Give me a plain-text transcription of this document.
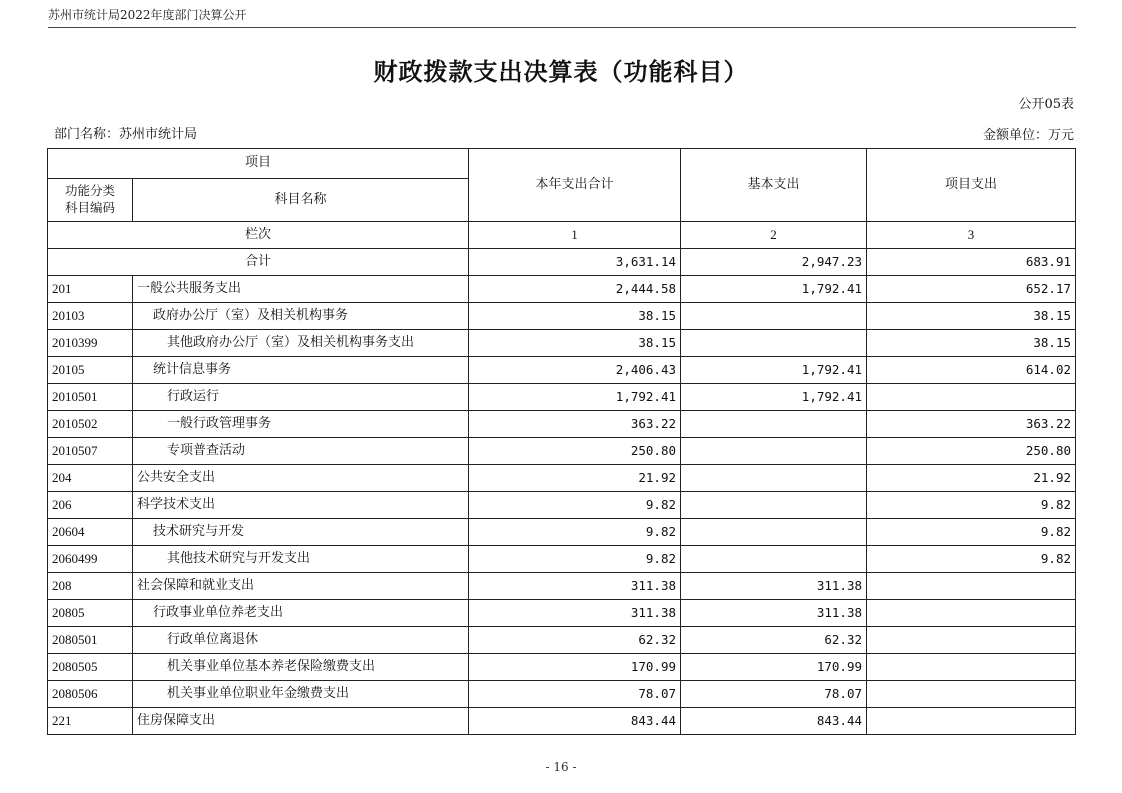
苏州市统计局2022年度部门决算公开
财政拨款支出决算表（功能科目）
公开05表
部门名称：苏州市统计局	金额单位：万元
项目		本年支出合计	基本支出	项目支出
功能分类
科目编码	科目名称			
栏次		1	2	3
合计		3,631.14	2,947.23	683.91
201	一般公共服务支出	2,444.58	1,792.41	652.17
20103	政府办公厅（室）及相关机构事务	38.15		38.15
2010399	其他政府办公厅（室）及相关机构事务支出	38.15		38.15
20105	统计信息事务	2,406.43	1,792.41	614.02
2010501	行政运行	1,792.41	1,792.41	
2010502	一般行政管理事务	363.22		363.22
2010507	专项普查活动	250.80		250.80
204	公共安全支出	21.92		21.92
206	科学技术支出	9.82		9.82
20604	技术研究与开发	9.82		9.82
2060499	其他技术研究与开发支出	9.82		9.82
208	社会保障和就业支出	311.38	311.38	
20805	行政事业单位养老支出	311.38	311.38	
2080501	行政单位离退休	62.32	62.32	
2080505	机关事业单位基本养老保险缴费支出	170.99	170.99	
2080506	机关事业单位职业年金缴费支出	78.07	78.07	
221	住房保障支出	843.44	843.44	
- 16 -
